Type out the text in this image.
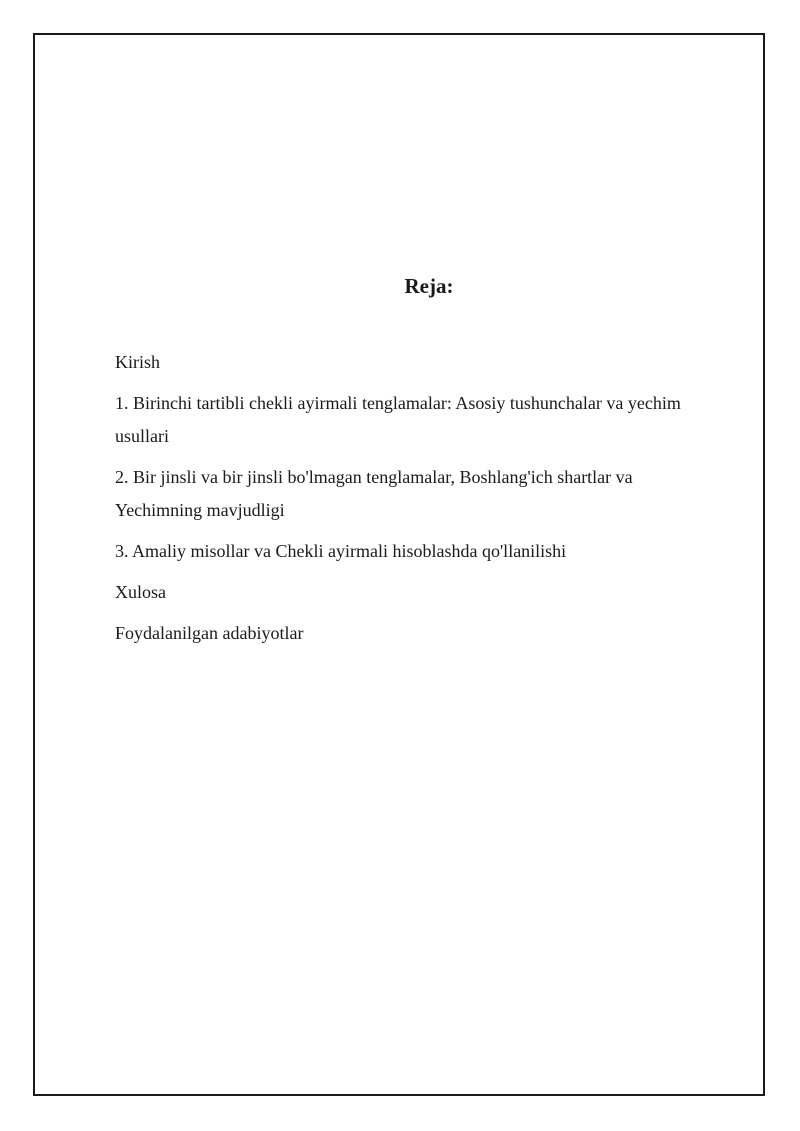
Reja:
Kirish
1. Birinchi tartibli chekli ayirmali tenglamalar: Asosiy tushunchalar va yechim usullari
2. Bir jinsli va bir jinsli bo'lmagan tenglamalar, Boshlang'ich shartlar va Yechimning mavjudligi
3. Amaliy misollar va Chekli ayirmali hisoblashda qo'llanilishi
Xulosa
Foydalanilgan adabiyotlar
